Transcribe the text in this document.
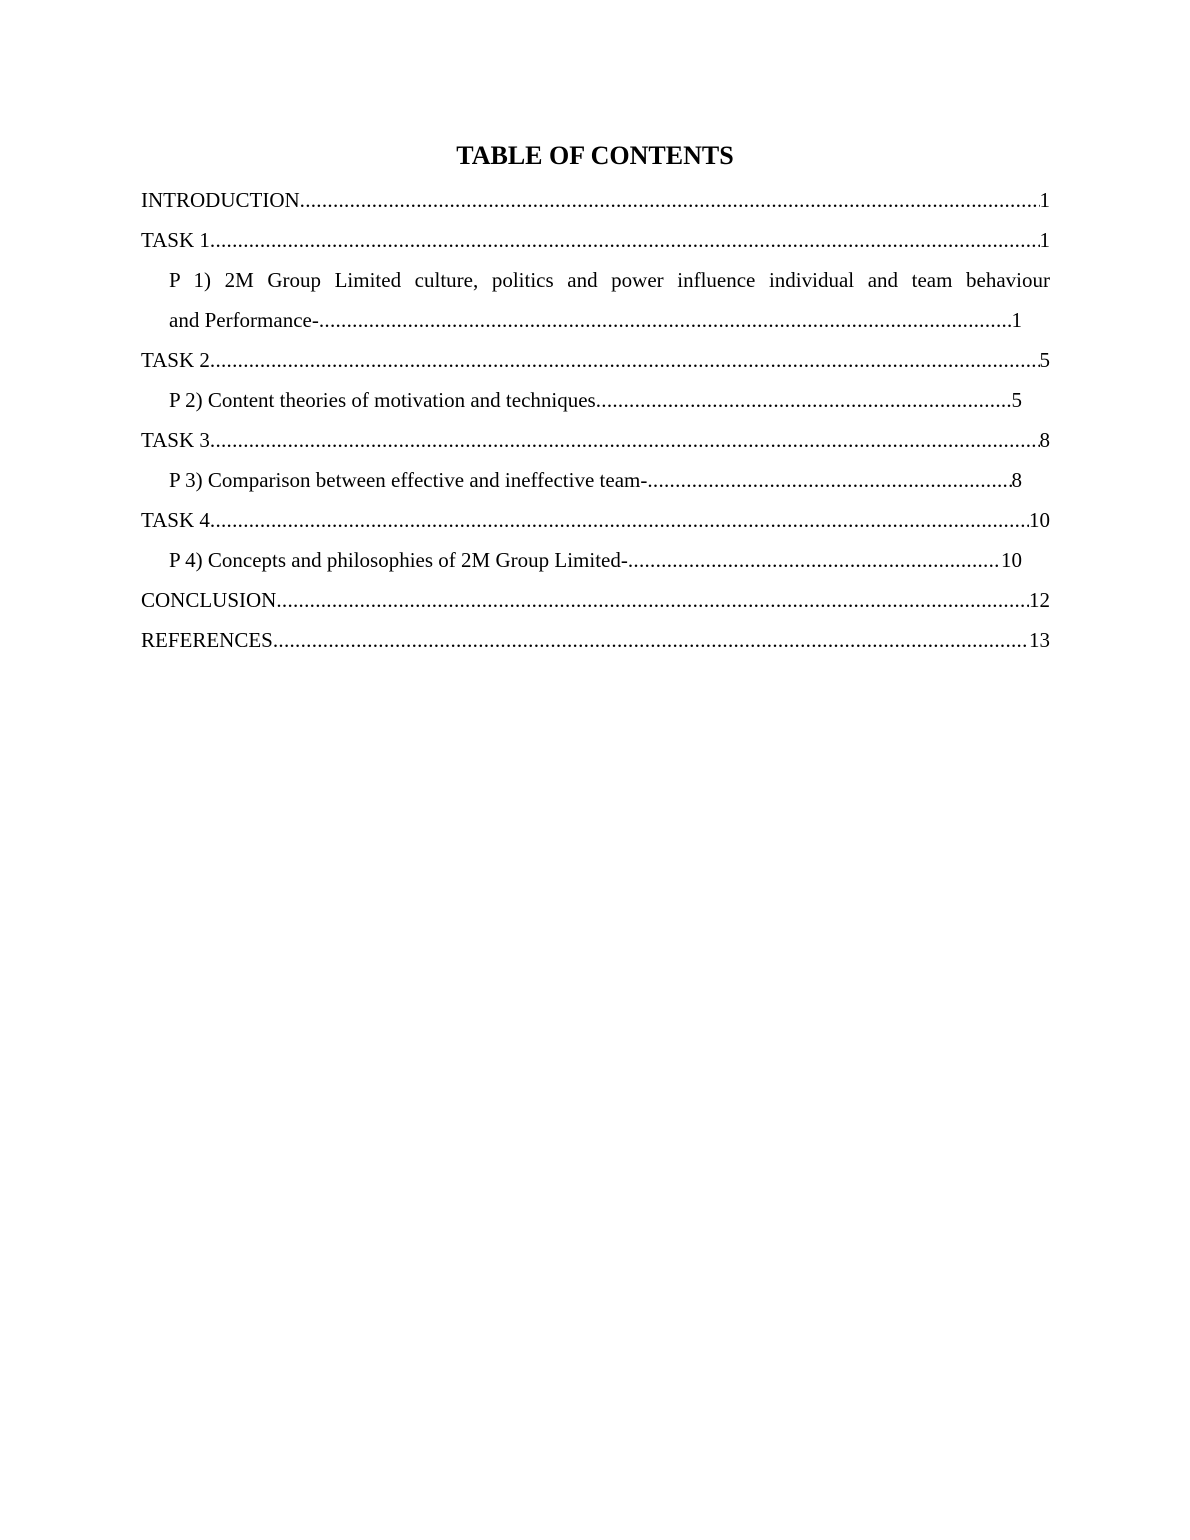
TABLE OF CONTENTS
INTRODUCTION .....	1
TASK 1 .....	1
P 1) 2M Group Limited culture, politics and power influence individual and team behaviour
and Performance- .....	1
TASK 2 .....	5
P 2) Content theories of motivation and techniques .....	5
TASK 3 .....	8
P 3) Comparison between effective and ineffective team- .....	8
TASK 4 .....	10
P 4) Concepts and philosophies of 2M Group Limited- .....	10
CONCLUSION .....	12
REFERENCES .....	13
